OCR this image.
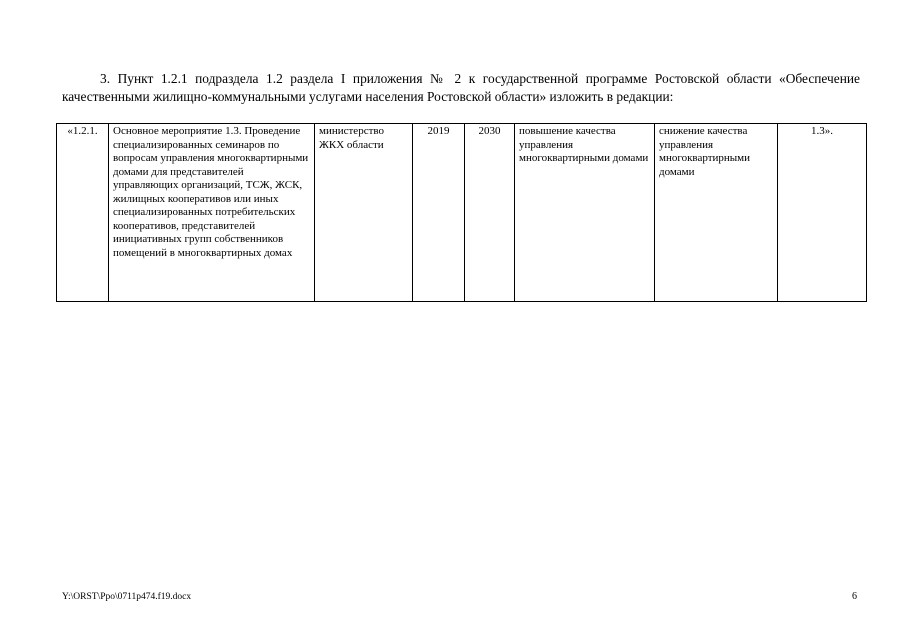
3. Пункт 1.2.1 подраздела 1.2 раздела I приложения № 2 к государственной программе Ростовской области «Обеспечение качественными жилищно-коммунальными услугами населения Ростовской области» изложить в редакции:

«1.2.1.	Основное мероприятие 1.3. Проведение специализированных семинаров по вопросам управления многоквартирными домами для представителей управляющих организаций, ТСЖ, ЖСК, жилищных кооперативов или иных специализированных потребительских кооперативов, представителей инициативных групп собственников помещений в многоквартирных домах	министерство ЖКХ области	2019	2030	повышение качества управления многоквартирными домами	снижение качества управления многоквартирными домами	1.3».
Y:\ORST\Ppo\0711p474.f19.docx	6
